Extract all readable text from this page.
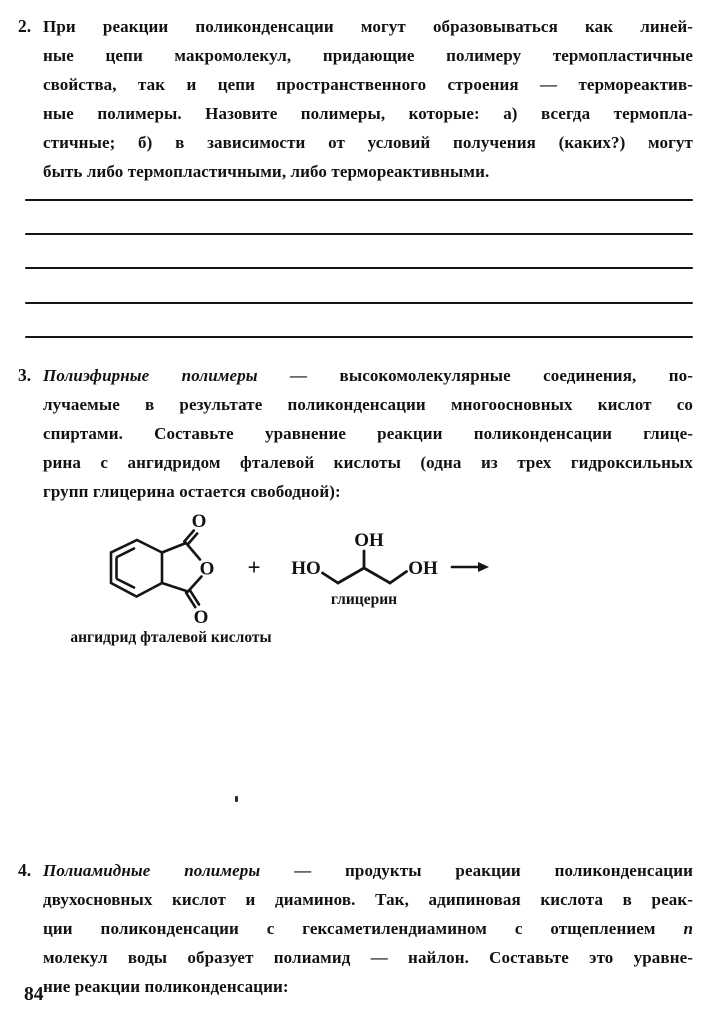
2. При реакции поликонденсации могут образовываться как линей-
ные цепи макромолекул, придающие полимеру термопластичные
свойства, так и цепи пространственного строения — термореактив-
ные полимеры. Назовите полимеры, которые: а) всегда термопла-
стичные; б) в зависимости от условий получения (каких?) могут
быть либо термопластичными, либо термореактивными.
3. Полиэфирные полимеры — высокомолекулярные соединения, по-
лучаемые в результате поликонденсации многоосновных кислот со
спиртами. Составьте уравнение реакции поликонденсации глице-
рина с ангидридом фталевой кислоты (одна из трех гидроксильных
групп глицерина остается свободной):
O
O
O
ангидрид фталевой кислоты
+ HO
OH
OH
глицерин
4. Полиамидные полимеры — продукты реакции поликонденсации
двухосновных кислот и диаминов. Так, адипиновая кислота в реак-
ции поликонденсации с гексаметилендиамином с отщеплением n
молекул воды образует полиамид — найлон. Составьте это уравне-
ние реакции поликонденсации:
84
